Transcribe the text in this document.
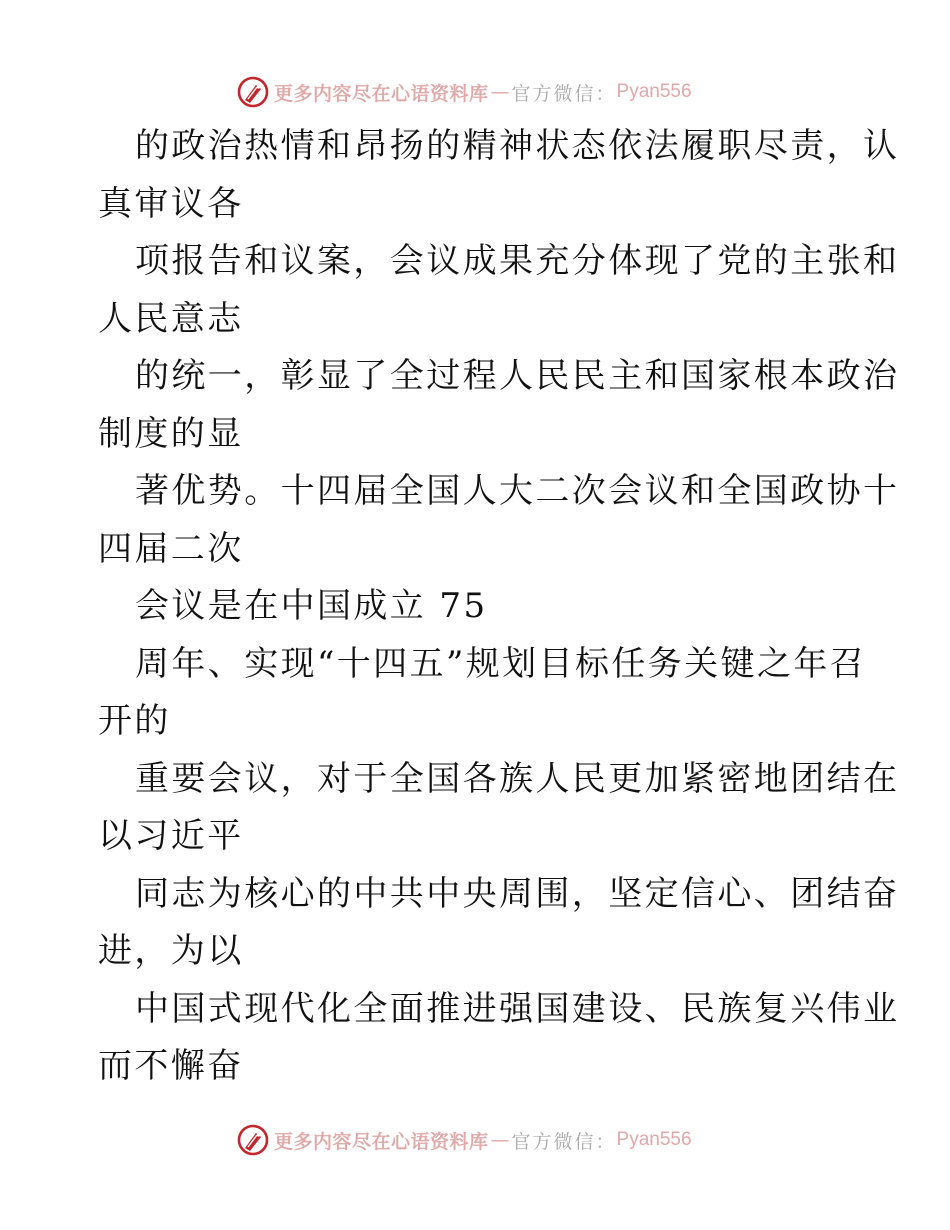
更多内容尽在心语资料库 — 官方微信： Pyan556
的政治热情和昂扬的精神状态依法履职尽责，认
真审议各
项报告和议案，会议成果充分体现了党的主张和
人民意志
的统一，彰显了全过程人民民主和国家根本政治
制度的显
著优势。十四届全国人大二次会议和全国政协十
四届二次
会议是在中国成立 75
周年、实现“十四五”规划目标任务关键之年召
开的
重要会议，对于全国各族人民更加紧密地团结在
以习近平
同志为核心的中共中央周围，坚定信心、团结奋
进，为以
中国式现代化全面推进强国建设、民族复兴伟业
而不懈奋
更多内容尽在心语资料库 — 官方微信： Pyan556
